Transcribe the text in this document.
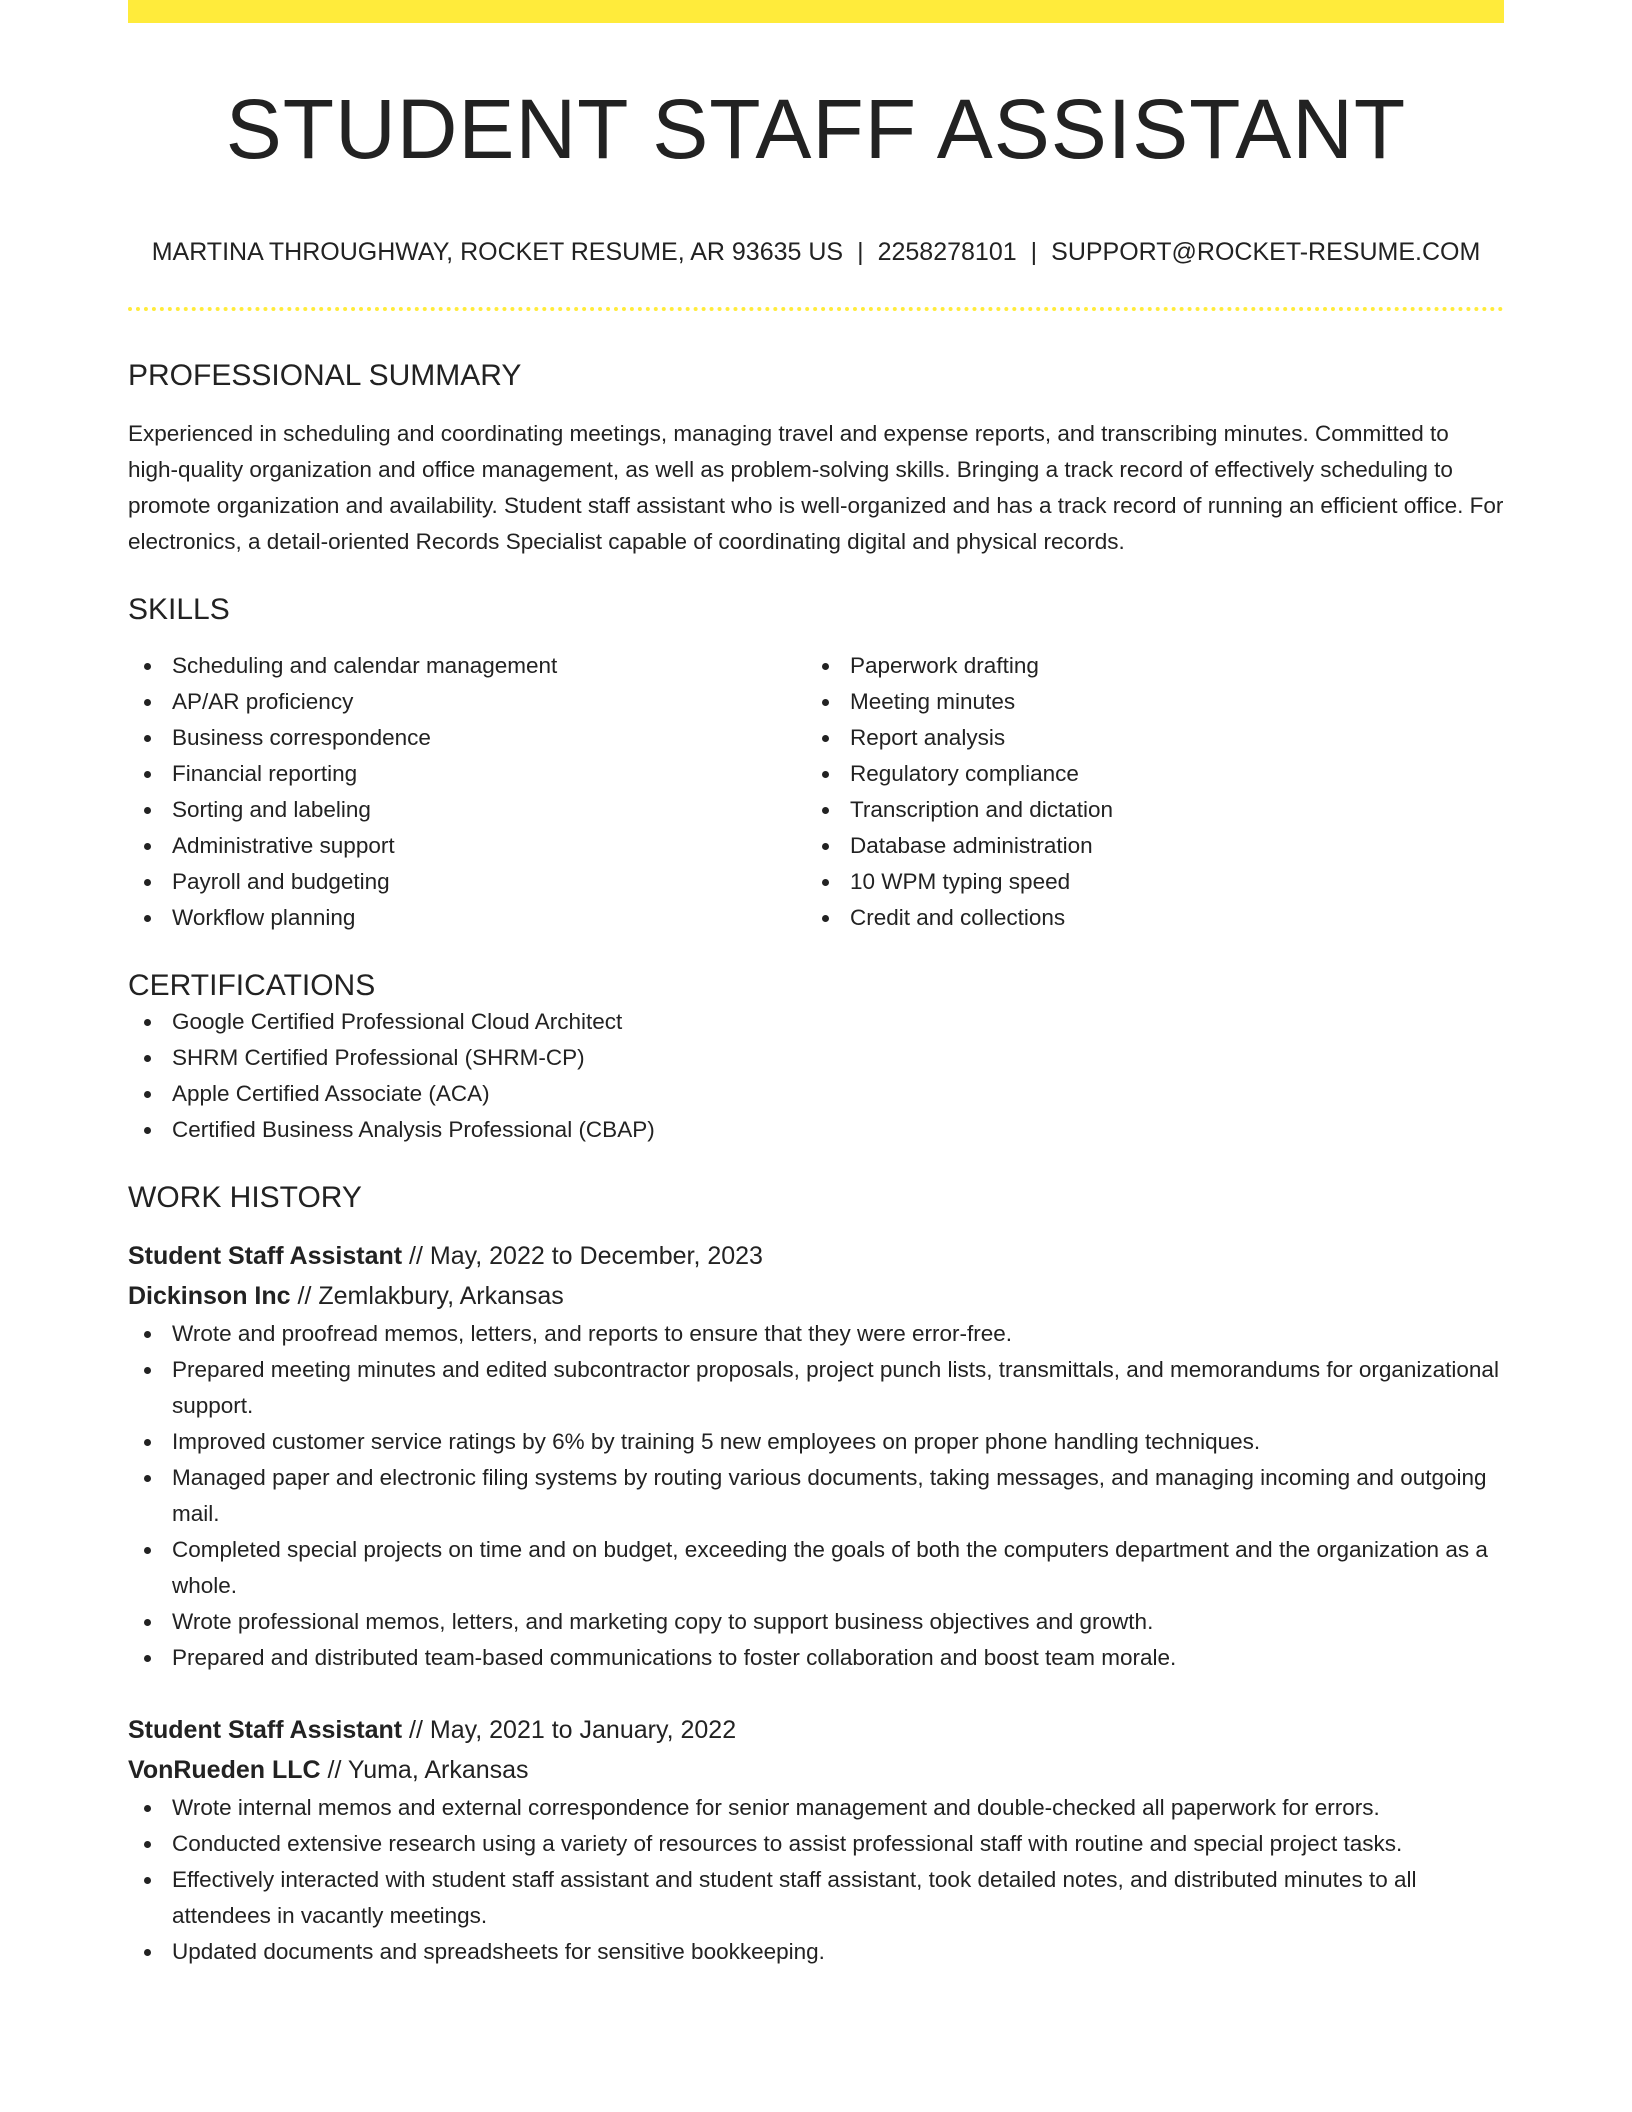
STUDENT STAFF ASSISTANT
MARTINA THROUGHWAY, ROCKET RESUME, AR 93635 US | 2258278101 | SUPPORT@ROCKET-RESUME.COM
PROFESSIONAL SUMMARY

Experienced in scheduling and coordinating meetings, managing travel and expense reports, and transcribing minutes. Committed to high-quality organization and office management, as well as problem-solving skills. Bringing a track record of effectively scheduling to promote organization and availability. Student staff assistant who is well-organized and has a track record of running an efficient office. For electronics, a detail-oriented Records Specialist capable of coordinating digital and physical records.

SKILLS
Scheduling and calendar management
AP/AR proficiency
Business correspondence
Financial reporting
Sorting and labeling
Administrative support
Payroll and budgeting
Workflow planning
Paperwork drafting
Meeting minutes
Report analysis
Regulatory compliance
Transcription and dictation
Database administration
10 WPM typing speed
Credit and collections
CERTIFICATIONS
Google Certified Professional Cloud Architect
SHRM Certified Professional (SHRM-CP)
Apple Certified Associate (ACA)
Certified Business Analysis Professional (CBAP)
WORK HISTORY
Student Staff Assistant // May, 2022 to December, 2023
Dickinson Inc // Zemlakbury, Arkansas
Wrote and proofread memos, letters, and reports to ensure that they were error-free.
Prepared meeting minutes and edited subcontractor proposals, project punch lists, transmittals, and memorandums for organizational support.
Improved customer service ratings by 6% by training 5 new employees on proper phone handling techniques.
Managed paper and electronic filing systems by routing various documents, taking messages, and managing incoming and outgoing mail.
Completed special projects on time and on budget, exceeding the goals of both the computers department and the organization as a whole.
Wrote professional memos, letters, and marketing copy to support business objectives and growth.
Prepared and distributed team-based communications to foster collaboration and boost team morale.
Student Staff Assistant // May, 2021 to January, 2022
VonRueden LLC // Yuma, Arkansas
Wrote internal memos and external correspondence for senior management and double-checked all paperwork for errors.
Conducted extensive research using a variety of resources to assist professional staff with routine and special project tasks.
Effectively interacted with student staff assistant and student staff assistant, took detailed notes, and distributed minutes to all attendees in vacantly meetings.
Updated documents and spreadsheets for sensitive bookkeeping.
